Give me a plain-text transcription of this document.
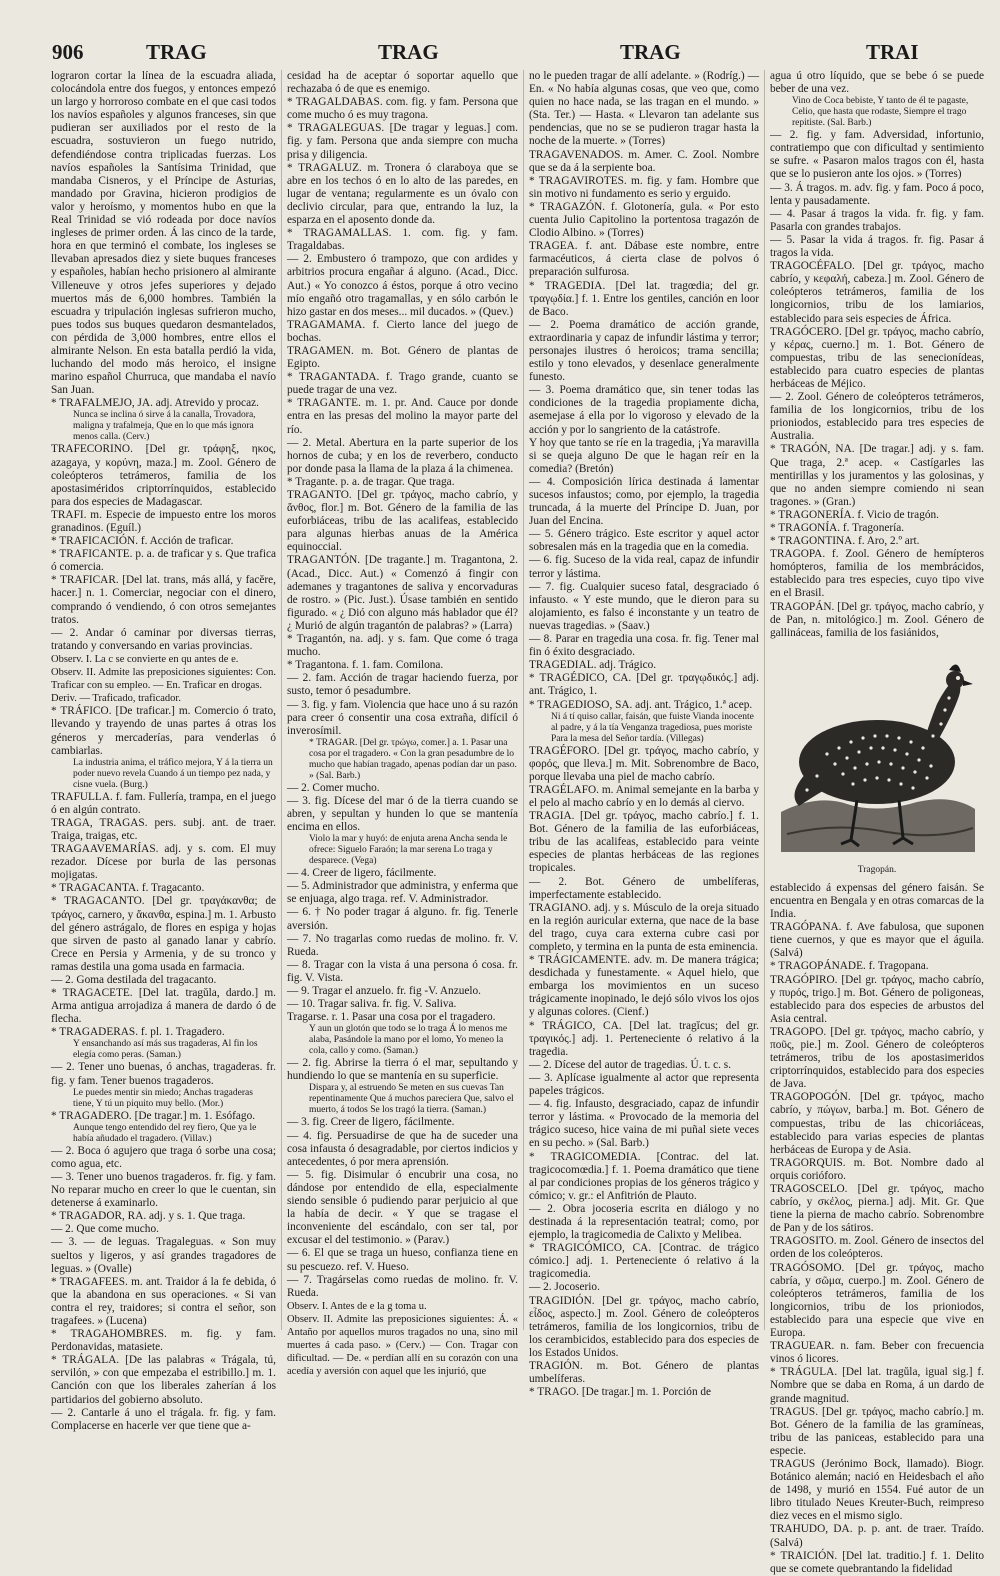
906	TRAG	TRAG	TRAG	TRAI

lograron cortar la línea de la escuadra aliada, colocándola entre dos fuegos, y entonces empezó un largo y horroroso combate en el que casi todos los navíos españoles y algunos franceses, sin que pudieran ser auxiliados por el resto de la escuadra, sostuvieron un fuego nutrido, defendiéndose contra triplicadas fuerzas. Los navíos españoles la Santísima Trinidad, que mandaba Cisneros, y el Príncipe de Asturias, mandado por Gravina, hicieron prodigios de valor y heroísmo, y momentos hubo en que la Real Trinidad se vió rodeada por doce navíos ingleses de primer orden. Á las cinco de la tarde, hora en que terminó el combate, los ingleses se llevaban apresados diez y siete buques franceses y españoles, habían hecho prisionero al almirante Villeneuve y otros jefes superiores y dejado muertos más de 6,000 hombres. También la escuadra y tripulación inglesas sufrieron mucho, pues todos sus buques quedaron desmantelados, con pérdida de 3,000 hombres, entre ellos el almirante Nelson. En esta batalla perdió la vida, luchando del modo más heroico, el insigne marino español Churruca, que mandaba el navío San Juan.

* TRAFALMEJO, JA. adj. Atrevido y procaz.

Nunca se inclina ó sirve á la canalla, Trovadora, maligna y trafalmeja, Que en lo que más ignora menos calla. (Cerv.)

TRAFECORINO. [Del gr. τράφηξ, ηκος, azagaya, y κορύνη, maza.] m. Zool. Género de coleópteros tetrámeros, familia de los apostasiméridos criptorrínquidos, establecido para dos especies de Madagascar.

TRAFI. m. Especie de impuesto entre los moros granadinos. (Eguíl.)

* TRAFICACIÓN. f. Acción de traficar.

* TRAFICANTE. p. a. de traficar y s. Que trafica ó comercia.

* TRAFICAR. [Del lat. trans, más allá, y facĕre, hacer.] n. 1. Comerciar, negociar con el dinero, comprando ó vendiendo, ó con otros semejantes tratos.

— 2. Andar ó caminar por diversas tierras, tratando y conversando en varias provincias.

Observ. I. La c se convierte en qu antes de e.

Observ. II. Admite las preposiciones siguientes: Con. Traficar con su empleo. — En. Traficar en drogas.

Deriv. — Traficado, traficador.

* TRÁFICO. [De traficar.] m. Comercio ó trato, llevando y trayendo de unas partes á otras los géneros y mercaderías, para venderlas ó cambiarlas.

La industria anima, el tráfico mejora, Y á la tierra un poder nuevo revela Cuando á un tiempo pez nada, y cisne vuela. (Burg.)

TRAFULLA. f. fam. Fullería, trampa, en el juego ó en algún contrato.

TRAGA, TRAGAS. pers. subj. ant. de traer. Traiga, traigas, etc.

TRAGAAVEMARÍAS. adj. y s. com. El muy rezador. Dícese por burla de las personas mojigatas.

* TRAGACANTA. f. Tragacanto.

* TRAGACANTO. [Del gr. τραγάκανθα; de τράγος, carnero, y ἄκανθα, espina.] m. 1. Arbusto del género astrágalo, de flores en espiga y hojas que sirven de pasto al ganado lanar y cabrío. Crece en Persia y Armenia, y de su tronco y ramas destila una goma usada en farmacia.

— 2. Goma destilada del tragacanto.

* TRAGACETE. [Del lat. tragŭla, dardo.] m. Arma antigua arrojadiza á manera de dardo ó de flecha.

* TRAGADERAS. f. pl. 1. Tragadero.

Y ensanchando así más sus tragaderas, Al fin los elegía como peras. (Saman.)

— 2. Tener uno buenas, ó anchas, tragaderas. fr. fig. y fam. Tener buenos tragaderos.

Le puedes mentir sin miedo; Anchas tragaderas tiene, Y tú un piquito muy bello. (Mor.)

* TRAGADERO. [De tragar.] m. 1. Esófago.

Aunque tengo entendido del rey fiero, Que ya le había añudado el tragadero. (Villav.)

— 2. Boca ó agujero que traga ó sorbe una cosa; como agua, etc.

— 3. Tener uno buenos tragaderos. fr. fig. y fam. No reparar mucho en creer lo que le cuentan, sin detenerse á examinarlo.

* TRAGADOR, RA. adj. y s. 1. Que traga.

— 2. Que come mucho.

— 3. — de leguas. Tragaleguas. « Son muy sueltos y ligeros, y así grandes tragadores de leguas. » (Ovalle)

* TRAGAFEES. m. ant. Traidor á la fe debida, ó que la abandona en sus operaciones. « Si van contra el rey, traidores; si contra el señor, son tragafees. » (Lucena)

* TRAGAHOMBRES. m. fig. y fam. Perdonavidas, matasiete.

* TRÁGALA. [De las palabras « Trágala, tú, servilón, » con que empezaba el estribillo.] m. 1. Canción con que los liberales zaherían á los partidarios del gobierno absoluto.

— 2. Cantarle á uno el trágala. fr. fig. y fam. Complacerse en hacerle ver que tiene que a-

cesidad ha de aceptar ó soportar aquello que rechazaba ó de que es enemigo.

* TRAGALDABAS. com. fig. y fam. Persona que come mucho ó es muy tragona.

* TRAGALEGUAS. [De tragar y leguas.] com. fig. y fam. Persona que anda siempre con mucha prisa y diligencia.

* TRAGALUZ. m. Tronera ó claraboya que se abre en los techos ó en lo alto de las paredes, en lugar de ventana; regularmente es un óvalo con declivio circular, para que, entrando la luz, la esparza en el aposento donde da.

* TRAGAMALLAS. 1. com. fig. y fam. Tragaldabas.

— 2. Embustero ó trampozo, que con ardides y arbitrios procura engañar á alguno. (Acad., Dicc. Aut.) « Yo conozco á éstos, porque á otro vecino mío engañó otro tragamallas, y en sólo carbón le hizo gastar en dos meses... mil ducados. » (Quev.)

TRAGAMAMA. f. Cierto lance del juego de bochas.

TRAGAMEN. m. Bot. Género de plantas de Egipto.

* TRAGANTADA. f. Trago grande, cuanto se puede tragar de una vez.

* TRAGANTE. m. 1. pr. And. Cauce por donde entra en las presas del molino la mayor parte del río.

— 2. Metal. Abertura en la parte superior de los hornos de cuba; y en los de reverbero, conducto por donde pasa la llama de la plaza á la chimenea.

* Tragante. p. a. de tragar. Que traga.

TRAGANTO. [Del gr. τράγος, macho cabrío, y ἄνθος, flor.] m. Bot. Género de la familia de las euforbiáceas, tribu de las acalifeas, establecido para algunas hierbas anuas de la América equinoccial.

TRAGANTÓN. [De tragante.] m. Tragantona, 2. (Acad., Dicc. Aut.) « Comenzó á fingir con ademanes y tragantones de saliva y encorvaduras de rostro. » (Pic. Just.). Úsase también en sentido figurado. « ¿ Dió con alguno más hablador que él? ¿ Murió de algún tragantón de palabras? » (Larra)

* Tragantón, na. adj. y s. fam. Que come ó traga mucho.

* Tragantona. f. 1. fam. Comilona.

— 2. fam. Acción de tragar haciendo fuerza, por susto, temor ó pesadumbre.

— 3. fig. y fam. Violencia que hace uno á su razón para creer ó consentir una cosa extraña, difícil ó inverosímil.

* TRAGAR. [Del gr. τρώγω, comer.] a. 1. Pasar una cosa por el tragadero. « Con la gran pesadumbre de lo mucho que habían tragado, apenas podían dar un paso. » (Sal. Barb.)

— 2. Comer mucho.

— 3. fig. Dícese del mar ó de la tierra cuando se abren, y sepultan y hunden lo que se mantenía encima en ellos.

Violo la mar y huyó: de enjuta arena Ancha senda le ofrece: Siguelo Faraón; la mar serena Lo traga y desparece. (Vega)

— 4. Creer de ligero, fácilmente.

— 5. Administrador que administra, y enferma que se enjuaga, algo traga. ref. V. Administrador.

— 6. † No poder tragar á alguno. fr. fig. Tenerle aversión.

— 7. No tragarlas como ruedas de molino. fr. V. Rueda.

— 8. Tragar con la vista á una persona ó cosa. fr. fig. V. Vista.

— 9. Tragar el anzuelo. fr. fig -V. Anzuelo.

— 10. Tragar saliva. fr. fig. V. Saliva.

Tragarse. r. 1. Pasar una cosa por el tragadero.

Y aun un glotón que todo se lo traga Á lo menos me alaba, Pasándole la mano por el lomo, Yo meneo la cola, callo y como. (Saman.)

— 2. fig. Abrirse la tierra ó el mar, sepultando y hundiendo lo que se mantenía en su superficie.

Dispara y, al estruendo Se meten en sus cuevas Tan repentinamente Que á muchos pareciera Que, salvo el muerto, á todos Se los tragó la tierra. (Saman.)

— 3. fig. Creer de ligero, fácilmente.

— 4. fig. Persuadirse de que ha de suceder una cosa infausta ó desagradable, por ciertos indicios y antecedentes, ó por mera aprensión.

— 5. fig. Disimular ó encubrir una cosa, no dándose por entendido de ella, especialmente siendo sensible ó pudiendo parar perjuicio al que la había de decir. « Y que se tragase el inconveniente del escándalo, con ser tal, por excusar el del testimonio. » (Parav.)

— 6. El que se traga un hueso, confianza tiene en su pescuezo. ref. V. Hueso.

— 7. Tragárselas como ruedas de molino. fr. V. Rueda.

Observ. I. Antes de e la g toma u.

Observ. II. Admite las preposiciones siguientes: Á. « Antaño por aquellos muros tragados no una, sino mil muertes á cada paso. » (Cerv.) — Con. Tragar con dificultad. — De. « perdían allí en su corazón con una acedía y aversión con aquel que les injurió, que

no le pueden tragar de allí adelante. » (Rodríg.) — En. « No había algunas cosas, que veo que, como quien no hace nada, se las tragan en el mundo. » (Sta. Ter.) — Hasta. « Llevaron tan adelante sus pendencias, que no se se pudieron tragar hasta la noche de la muerte. » (Torres)

TRAGAVENADOS. m. Amer. C. Zool. Nombre que se da á la serpiente boa.

* TRAGAVIROTES. m. fig. y fam. Hombre que sin motivo ni fundamento es serio y erguido.

* TRAGAZÓN. f. Glotonería, gula. « Por esto cuenta Julio Capitolino la portentosa tragazón de Clodio Albino. » (Torres)

TRAGEA. f. ant. Dábase este nombre, entre farmacéuticos, á cierta clase de polvos ó preparación sulfurosa.

* TRAGEDIA. [Del lat. tragœdia; del gr. τραγῳδία.] f. 1. Entre los gentiles, canción en loor de Baco.

— 2. Poema dramático de acción grande, extraordinaria y capaz de infundir lástima y terror; personajes ilustres ó heroicos; trama sencilla; estilo y tono elevados, y desenlace generalmente funesto.

— 3. Poema dramático que, sin tener todas las condiciones de la tragedia propiamente dicha, asemejase á ella por lo vigoroso y elevado de la acción y por lo sangriento de la catástrofe.

Y hoy que tanto se ríe en la tragedia, ¡Ya maravilla si se queja alguno De que le hagan reír en la comedia? (Bretón)

— 4. Composición lírica destinada á lamentar sucesos infaustos; como, por ejemplo, la tragedia truncada, á la muerte del Príncipe D. Juan, por Juan del Encina.

— 5. Género trágico. Este escritor y aquel actor sobresalen más en la tragedia que en la comedia.

— 6. fig. Suceso de la vida real, capaz de infundir terror y lástima.

— 7. fig. Cualquier suceso fatal, desgraciado ó infausto. « Y este mundo, que le dieron para su alojamiento, es falso é inconstante y un teatro de nuevas tragedias. » (Saav.)

— 8. Parar en tragedia una cosa. fr. fig. Tener mal fin ó éxito desgraciado.

TRAGEDIAL. adj. Trágico.

* TRAGÉDICO, CA. [Del gr. τραγῳδικός.] adj. ant. Trágico, 1.

* TRAGEDIOSO, SA. adj. ant. Trágico, 1.ª acep.

Ni á tí quiso callar, faisán, que fuiste Vianda inocente al padre, y á la tía Venganza tragediosa, pues moriste Para la mesa del Señor tardía. (Villegas)

TRAGÉFORO. [Del gr. τράγος, macho cabrío, y φορός, que lleva.] m. Mit. Sobrenombre de Baco, porque llevaba una piel de macho cabrío.

TRAGÉLAFO. m. Animal semejante en la barba y el pelo al macho cabrío y en lo demás al ciervo.

TRAGIA. [Del gr. τράγος, macho cabrío.] f. 1. Bot. Género de la familia de las euforbiáceas, tribu de las acalifeas, establecido para veinte especies de plantas herbáceas de las regiones tropicales.

— 2. Bot. Género de umbelíferas, imperfectamente establecido.

TRAGIANO. adj. y s. Músculo de la oreja situado en la región auricular externa, que nace de la base del trago, cuya cara externa cubre casi por completo, y termina en la punta de esta eminencia.

* TRÁGICAMENTE. adv. m. De manera trágica; desdichada y funestamente. « Aquel hielo, que embarga los movimientos en un suceso trágicamente inopinado, le dejó sólo vivos los ojos y algunas colores. (Cienf.)

* TRÁGICO, CA. [Del lat. tragĭcus; del gr. τραγικός.] adj. 1. Perteneciente ó relativo á la tragedia.

— 2. Dícese del autor de tragedias. Ú. t. c. s.

— 3. Aplícase igualmente al actor que representa papeles trágicos.

— 4. fig. Infausto, desgraciado, capaz de infundir terror y lástima. « Provocado de la memoria del trágico suceso, hice vaina de mi puñal siete veces en su pecho. » (Sal. Barb.)

* TRAGICOMEDIA. [Contrac. del lat. tragicocomœdia.] f. 1. Poema dramático que tiene al par condiciones propias de los géneros trágico y cómico; v. gr.: el Anfitrión de Plauto.

— 2. Obra jocoseria escrita en diálogo y no destinada á la representación teatral; como, por ejemplo, la tragicomedia de Calixto y Melibea.

* TRAGICÓMICO, CA. [Contrac. de trágico cómico.] adj. 1. Perteneciente ó relativo á la tragicomedia.

— 2. Jocoserio.

TRAGIDIÓN. [Del gr. τράγος, macho cabrío, εἶδος, aspecto.] m. Zool. Género de coleópteros tetrámeros, familia de los longicornios, tribu de los cerambicidos, establecido para dos especies de los Estados Unidos.

TRAGIÓN. m. Bot. Género de plantas umbelíferas.

* TRAGO. [De tragar.] m. 1. Porción de

agua ú otro líquido, que se bebe ó se puede beber de una vez.

Vino de Coca bebiste, Y tanto de él te pagaste, Celio, que hasta que rodaste, Siempre el trago repitiste. (Sal. Barb.)

— 2. fig. y fam. Adversidad, infortunio, contratiempo que con dificultad y sentimiento se sufre. « Pasaron malos tragos con él, hasta que se lo pusieron ante los ojos. » (Torres)

— 3. Á tragos. m. adv. fig. y fam. Poco á poco, lenta y pausadamente.

— 4. Pasar á tragos la vida. fr. fig. y fam. Pasarla con grandes trabajos.

— 5. Pasar la vida á tragos. fr. fig. Pasar á tragos la vida.

TRAGOCÉFALO. [Del gr. τράγος, macho cabrío, y κεφαλή, cabeza.] m. Zool. Género de coleópteros tetrámeros, familia de los longicornios, tribu de los lamiarios, establecido para seis especies de África.

TRAGÓCERO. [Del gr. τράγος, macho cabrío, y κέρας, cuerno.] m. 1. Bot. Género de compuestas, tribu de las senecionídeas, establecido para cuatro especies de plantas herbáceas de Méjico.

— 2. Zool. Género de coleópteros tetrámeros, familia de los longicornios, tribu de los prioniodos, establecido para tres especies de Australia.

* TRAGÓN, NA. [De tragar.] adj. y s. fam. Que traga, 2.ª acep. « Castígarles las mentirillas y los juramentos y las golosinas, y que no anden siempre comiendo ni sean tragones. » (Gran.)

* TRAGONERÍA. f. Vicio de tragón.

* TRAGONÍA. f. Tragonería.

* TRAGONTINA. f. Aro, 2.º art.

TRAGOPA. f. Zool. Género de hemípteros homópteros, familia de los membrácidos, establecido para tres especies, cuyo tipo vive en el Brasil.

TRAGOPÁN. [Del gr. τράγος, macho cabrío, y de Pan, n. mitológico.] m. Zool. Género de gallináceas, familia de los fasiánidos,

Tragopán.

establecido á expensas del género faisán. Se encuentra en Bengala y en otras comarcas de la India.

TRAGÓPANA. f. Ave fabulosa, que suponen tiene cuernos, y que es mayor que el águila. (Salvá)

* TRAGOPÁNADE. f. Tragopana.

TRAGÓPIRO. [Del gr. τράγος, macho cabrío, y πυρός, trigo.] m. Bot. Género de poligoneas, establecido para dos especies de arbustos del Asia central.

TRAGOPO. [Del gr. τράγος, macho cabrío, y ποῦς, pie.] m. Zool. Género de coleópteros tetrámeros, tribu de los apostasimeridos criptorrínquidos, establecido para dos especies de Java.

TRAGOPOGÓN. [Del gr. τράγος, macho cabrío, y πώγων, barba.] m. Bot. Género de compuestas, tribu de las chicoriáceas, establecido para varias especies de plantas herbáceas de Europa y de Asia.

TRAGORQUIS. m. Bot. Nombre dado al orquis corióforo.

TRAGOSCELO. [Del gr. τράγος, macho cabrío, y σκέλος, pierna.] adj. Mit. Gr. Que tiene la pierna de macho cabrío. Sobrenombre de Pan y de los sátiros.

TRAGOSITO. m. Zool. Género de insectos del orden de los coleópteros.

TRAGÓSOMO. [Del gr. τράγος, macho cabría, y σῶμα, cuerpo.] m. Zool. Género de coleópteros tetrámeros, familia de los longicornios, tribu de los prioniodos, establecido para una especie que vive en Europa.

TRAGUEAR. n. fam. Beber con frecuencia vinos ó licores.

* TRÁGULA. [Del lat. tragŭla, igual sig.] f. Nombre que se daba en Roma, á un dardo de grande magnitud.

TRAGUS. [Del gr. τράγος, macho cabrío.] m. Bot. Género de la familia de las gramíneas, tribu de las paniceas, establecido para una especie.

TRAGUS (Jerónimo Bock, llamado). Biogr. Botánico alemán; nació en Heidesbach el año de 1498, y murió en 1554. Fué autor de un libro titulado Neues Kreuter-Buch, reimpreso diez veces en el mismo siglo.

TRAHUDO, DA. p. p. ant. de traer. Traído. (Salvá)

* TRAICIÓN. [Del lat. traditio.] f. 1. Delito que se comete quebrantando la fidelidad
